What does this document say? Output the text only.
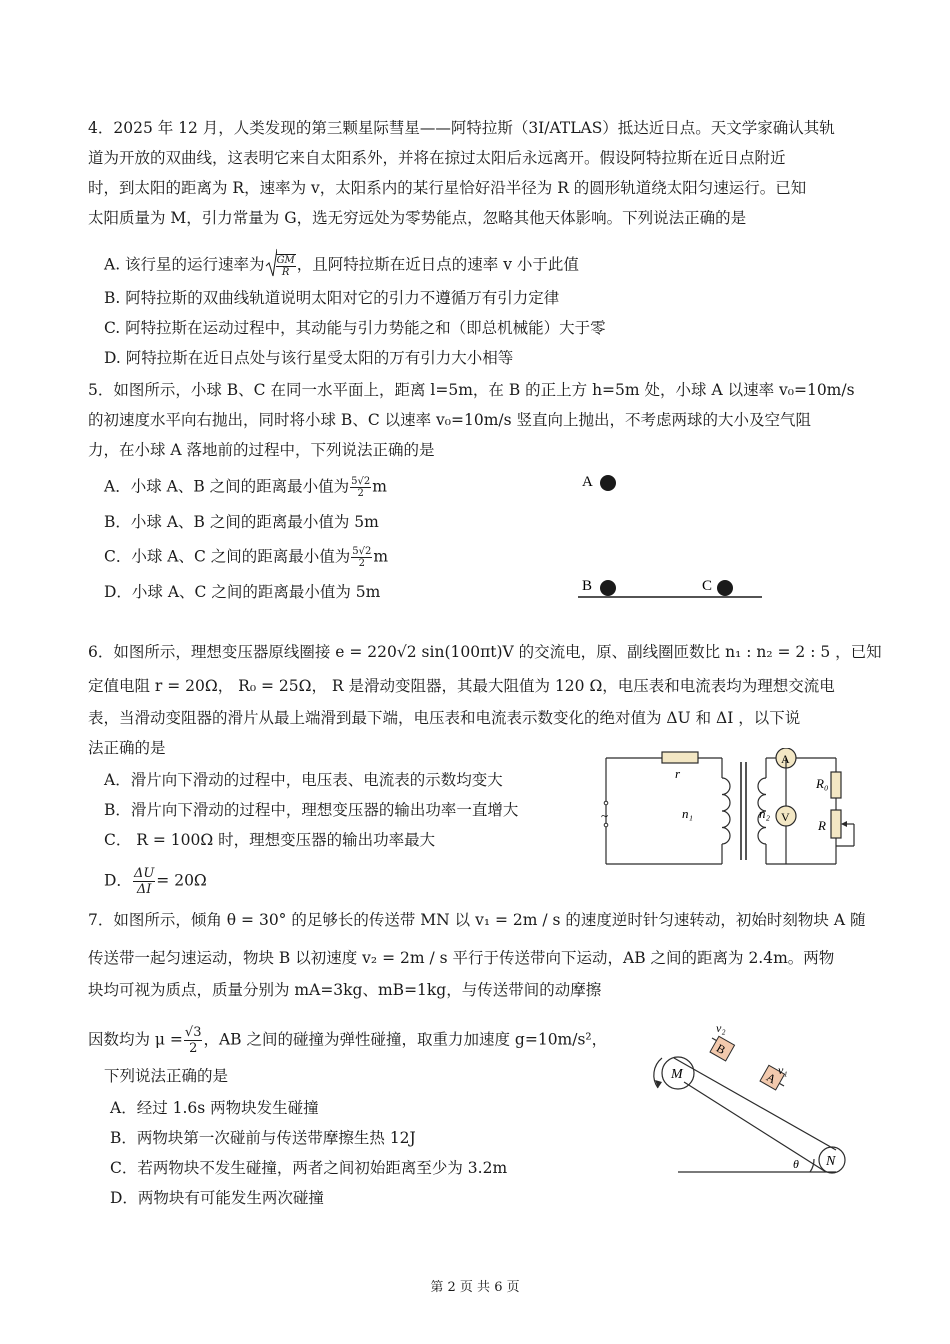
4．2025 年 12 月，人类发现的第三颗星际彗星——阿特拉斯（3I/ATLAS）抵达近日点。天文学家确认其轨
道为开放的双曲线，这表明它来自太阳系外，并将在掠过太阳后永远离开。假设阿特拉斯在近日点附近
时，到太阳的距离为 R，速率为 v，太阳系内的某行星恰好沿半径为 R 的圆形轨道绕太阳匀速运行。已知
太阳质量为 M，引力常量为 G，选无穷远处为零势能点，忽略其他天体影响。下列说法正确的是
A. 该行星的运行速率为 $\frac{GM}{R}$ ，且阿特拉斯在近日点的速率 v 小于此值
B. 阿特拉斯的双曲线轨道说明太阳对它的引力不遵循万有引力定律
C. 阿特拉斯在运动过程中，其动能与引力势能之和（即总机械能）大于零
D. 阿特拉斯在近日点处与该行星受太阳的万有引力大小相等
5．如图所示，小球 B、C 在同一水平面上，距离 l=5m，在 B 的正上方 h=5m 处，小球 A 以速率 v₀=10m/s
的初速度水平向右抛出，同时将小球 B、C 以速率 v₀=10m/s 竖直向上抛出，不考虑两球的大小及空气阻
力，在小球 A 落地前的过程中，下列说法正确的是
A．小球 A、B 之间的距离最小值为 $\frac{5√2}{2}$ m
B．小球 A、B 之间的距离最小值为 5m
C．小球 A、C 之间的距离最小值为 $\frac{5√2}{2}$ m
D．小球 A、C 之间的距离最小值为 5m
A
B	C
6．如图所示，理想变压器原线圈接 e = 220√2 sin(100πt)V 的交流电，原、副线圈匝数比 n₁ : n₂ = 2 : 5 ，已知
定值电阻 r = 20Ω， R₀ = 25Ω， R 是滑动变阻器，其最大阻值为 120 Ω，电压表和电流表均为理想交流电
表，当滑动变阻器的滑片从最上端滑到最下端，电压表和电流表示数变化的绝对值为 ΔU 和 ΔI ，以下说
法正确的是
A．滑片向下滑动的过程中，电压表、电流表的示数均变大
B．滑片向下滑动的过程中，理想变压器的输出功率一直增大
C． R = 100Ω 时，理想变压器的输出功率最大
D． $\frac{\Delta U}{\Delta I} = 20\Omega$
~
r
n₁	n₂
A
V
R₀
R
7．如图所示，倾角 θ = 30° 的足够长的传送带 MN 以 v₁ = 2m / s 的速度逆时针匀速转动，初始时刻物块 A 随
传送带一起匀速运动，物块 B 以初速度 v₂ = 2m / s 平行于传送带向下运动，AB 之间的距离为 2.4m。两物
块均可视为质点，质量分别为 mA=3kg、mB=1kg，与传送带间的动摩擦
因数均为 $\mu = \frac{√3}{2}$ ，AB 之间的碰撞为弹性碰撞，取重力加速度 g=10m/s²，
下列说法正确的是
A．经过 1.6s 两物块发生碰撞
B．两物块第一次碰前与传送带摩擦生热 12J
C．若两物块不发生碰撞，两者之间初始距离至少为 3.2m
D．两物块有可能发生两次碰撞
B
A
M
N
v₂
v₁
θ
第 2 页 共 6 页
